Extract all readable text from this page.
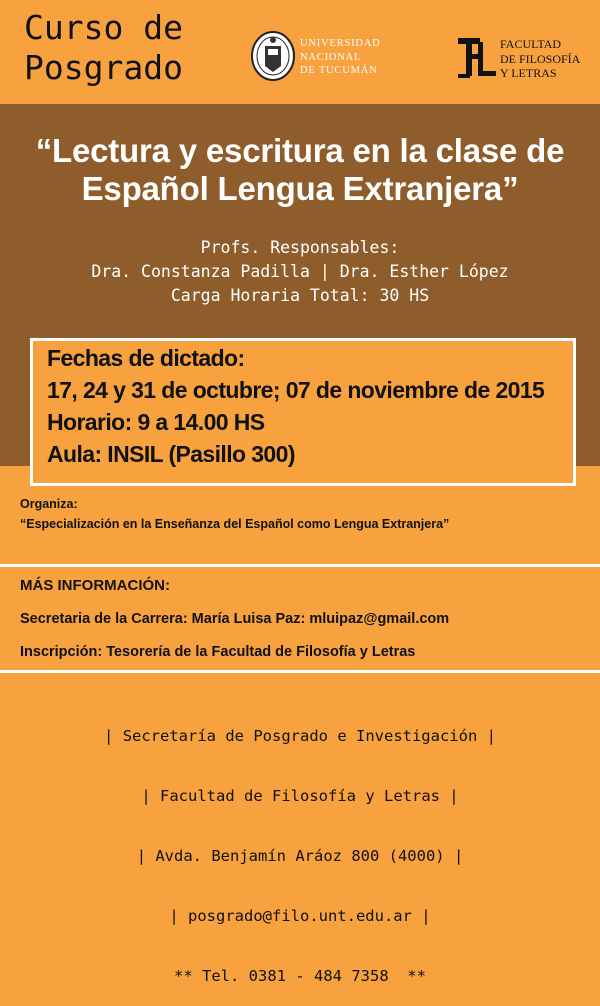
Curso de
Posgrado
UNIVERSIDAD
NACIONAL
DE TUCUMÁN
FACULTAD
DE FILOSOFÍA
Y LETRAS
“Lectura y escritura en la clase de
Español Lengua Extranjera”
Profs. Responsables:
Dra. Constanza Padilla | Dra. Esther López
Carga Horaria Total: 30 HS
Fechas de dictado:
17, 24 y 31 de octubre; 07 de noviembre de 2015
Horario: 9 a 14.00 HS
Aula: INSIL (Pasillo 300)
Organiza:
“Especialización en la Enseñanza del Español como Lengua Extranjera”
MÁS INFORMACIÓN:
Secretaria de la Carrera: María Luisa Paz: mluipaz@gmail.com
Inscripción: Tesorería de la Facultad de Filosofía y Letras

| Secretaría de Posgrado e Investigación |

| Facultad de Filosofía y Letras |

| Avda. Benjamín Aráoz 800 (4000) |

| posgrado@filo.unt.edu.ar |

** Tel. 0381 - 484 7358  **
